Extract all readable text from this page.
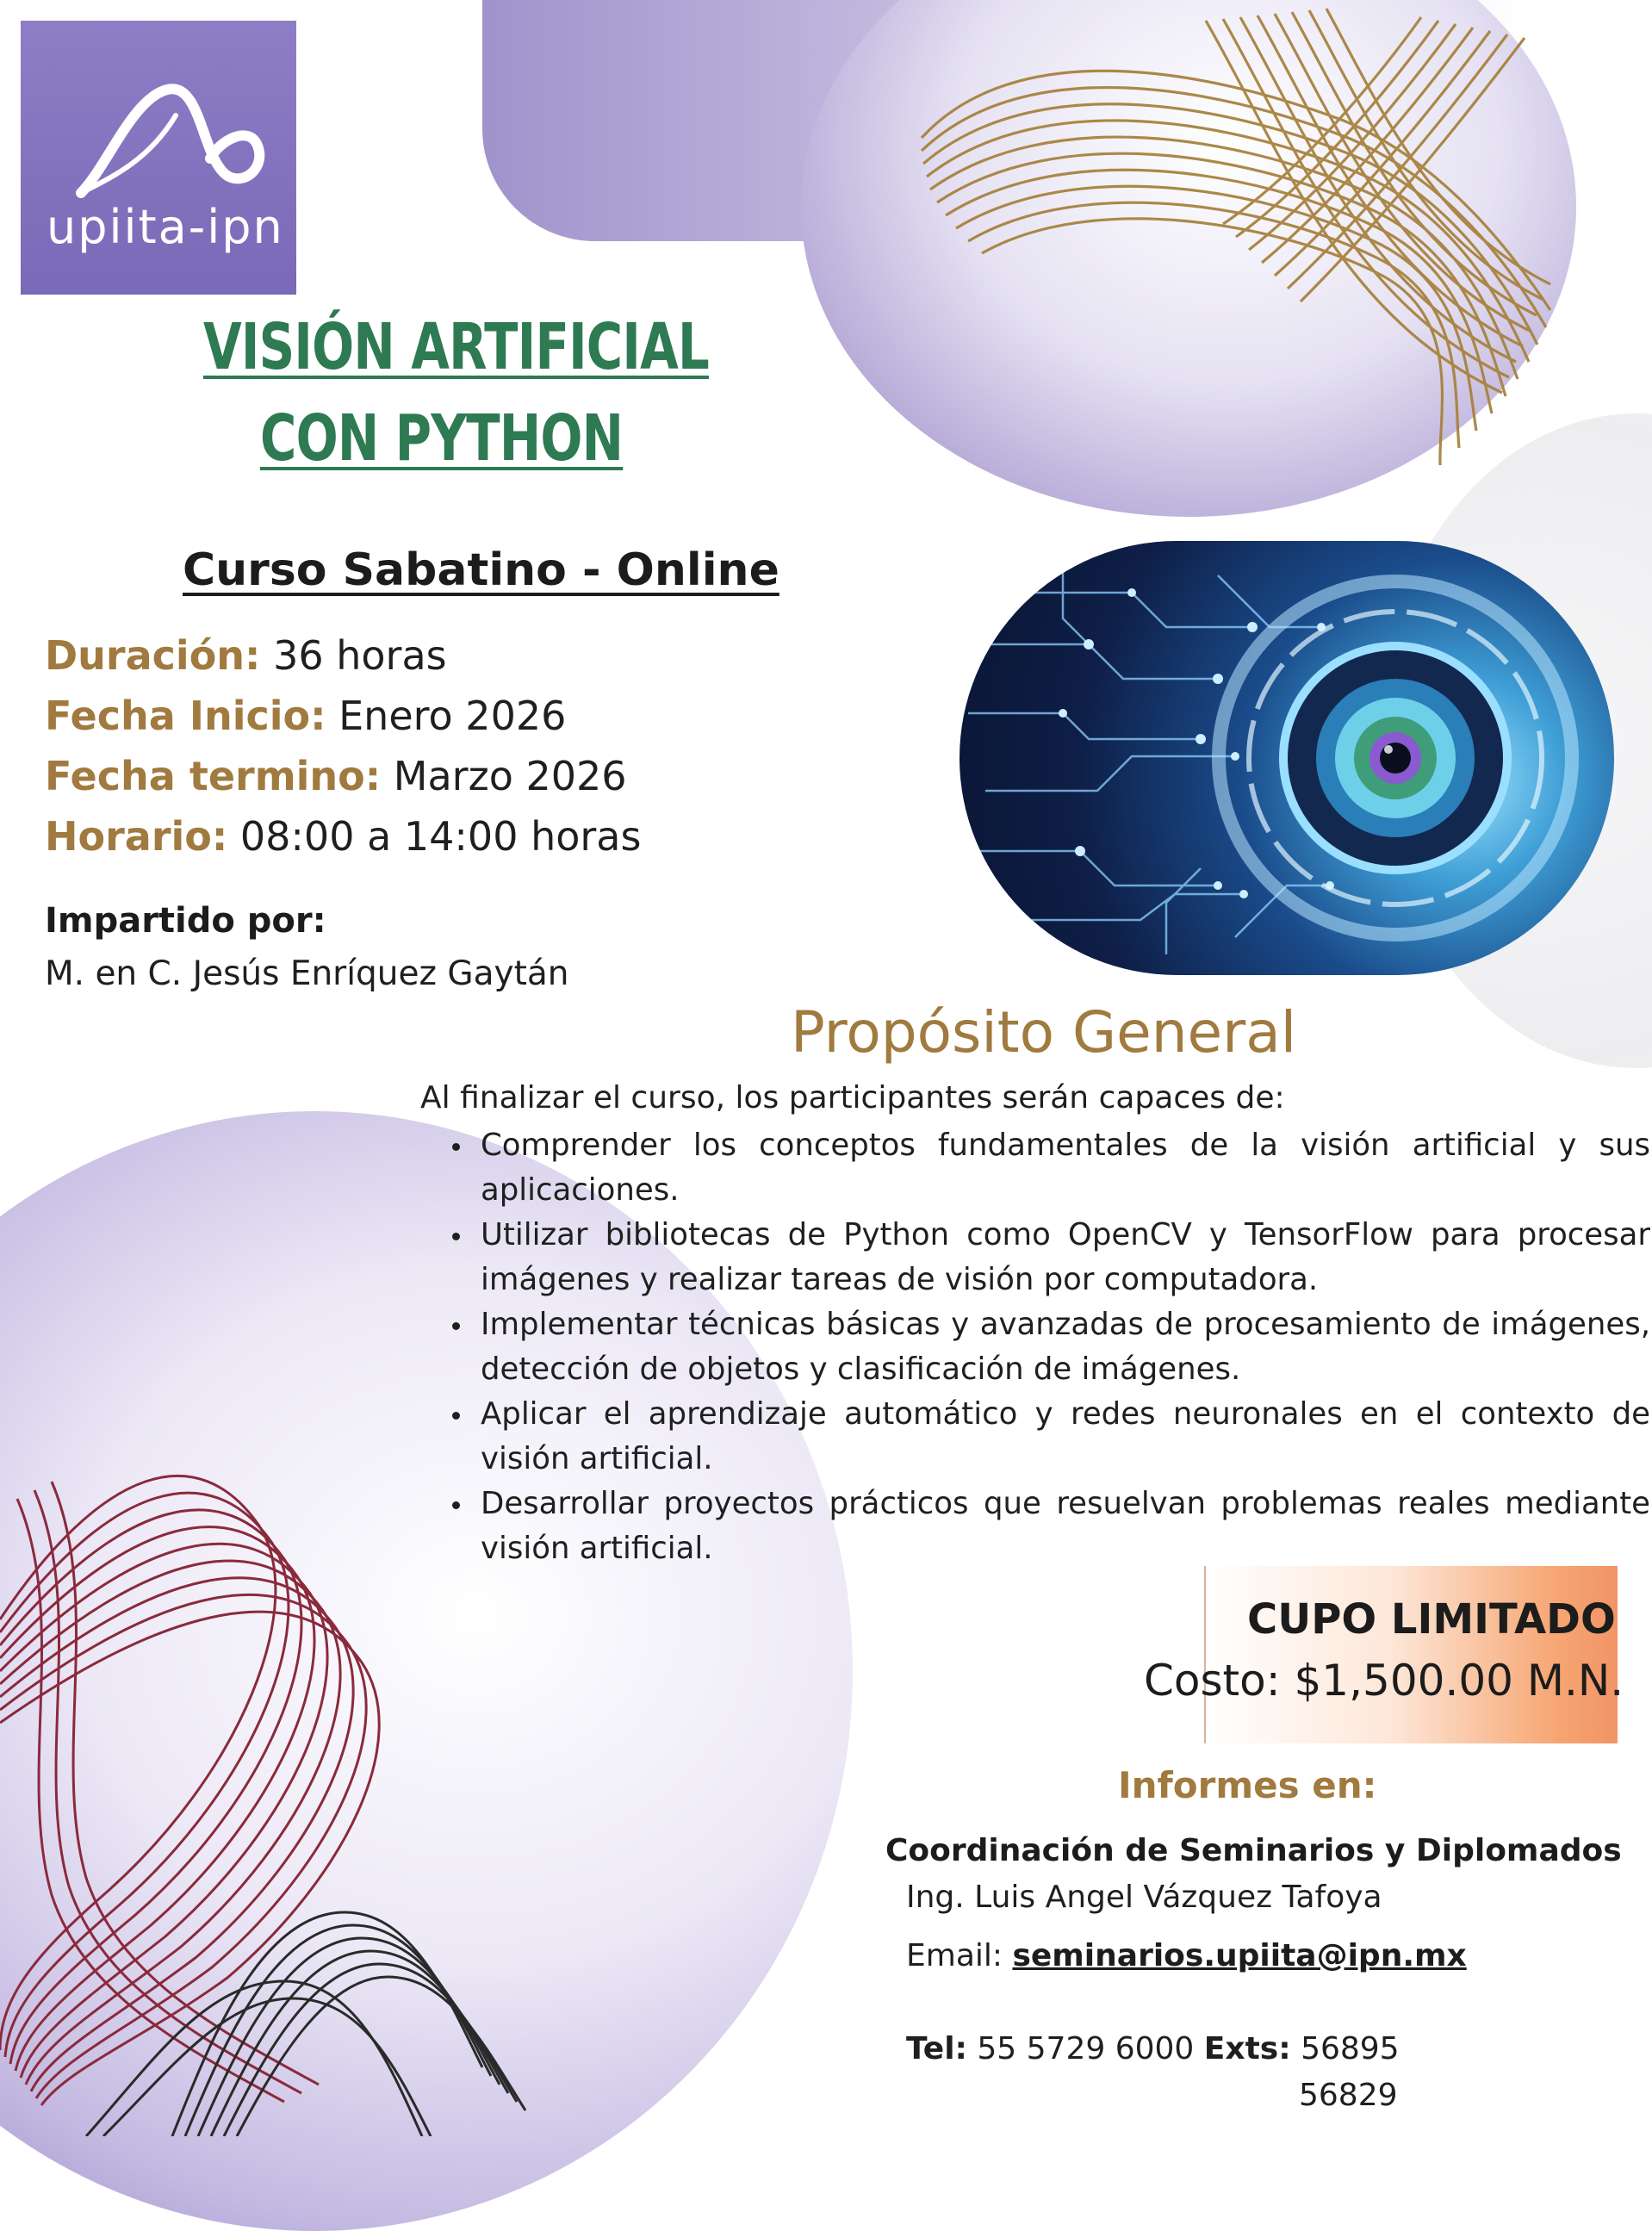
upiita-ipn
VISIÓN ARTIFICIAL
CON PYTHON
Curso Sabatino - Online
Duración: 36 horas
Fecha Inicio: Enero 2026
Fecha termino: Marzo 2026
Horario: 08:00 a 14:00 horas
Impartido por:
M. en C. Jesús Enríquez Gaytán
Propósito General
Al finalizar el curso, los participantes serán capaces de:
• Comprender los conceptos fundamentales de la visión artificial y sus aplicaciones.
• Utilizar bibliotecas de Python como OpenCV y TensorFlow para procesar imágenes y realizar tareas de visión por computadora.
• Implementar técnicas básicas y avanzadas de procesamiento de imágenes, detección de objetos y clasificación de imágenes.
• Aplicar el aprendizaje automático y redes neuronales en el contexto de visión artificial.
• Desarrollar proyectos prácticos que resuelvan problemas reales mediante visión artificial.
CUPO LIMITADO
Costo: $1,500.00 M.N.
Informes en:
Coordinación de Seminarios y Diplomados
Ing. Luis Angel Vázquez Tafoya
Email: seminarios.upiita@ipn.mx
Tel: 55 5729 6000 Exts: 56895
56829
